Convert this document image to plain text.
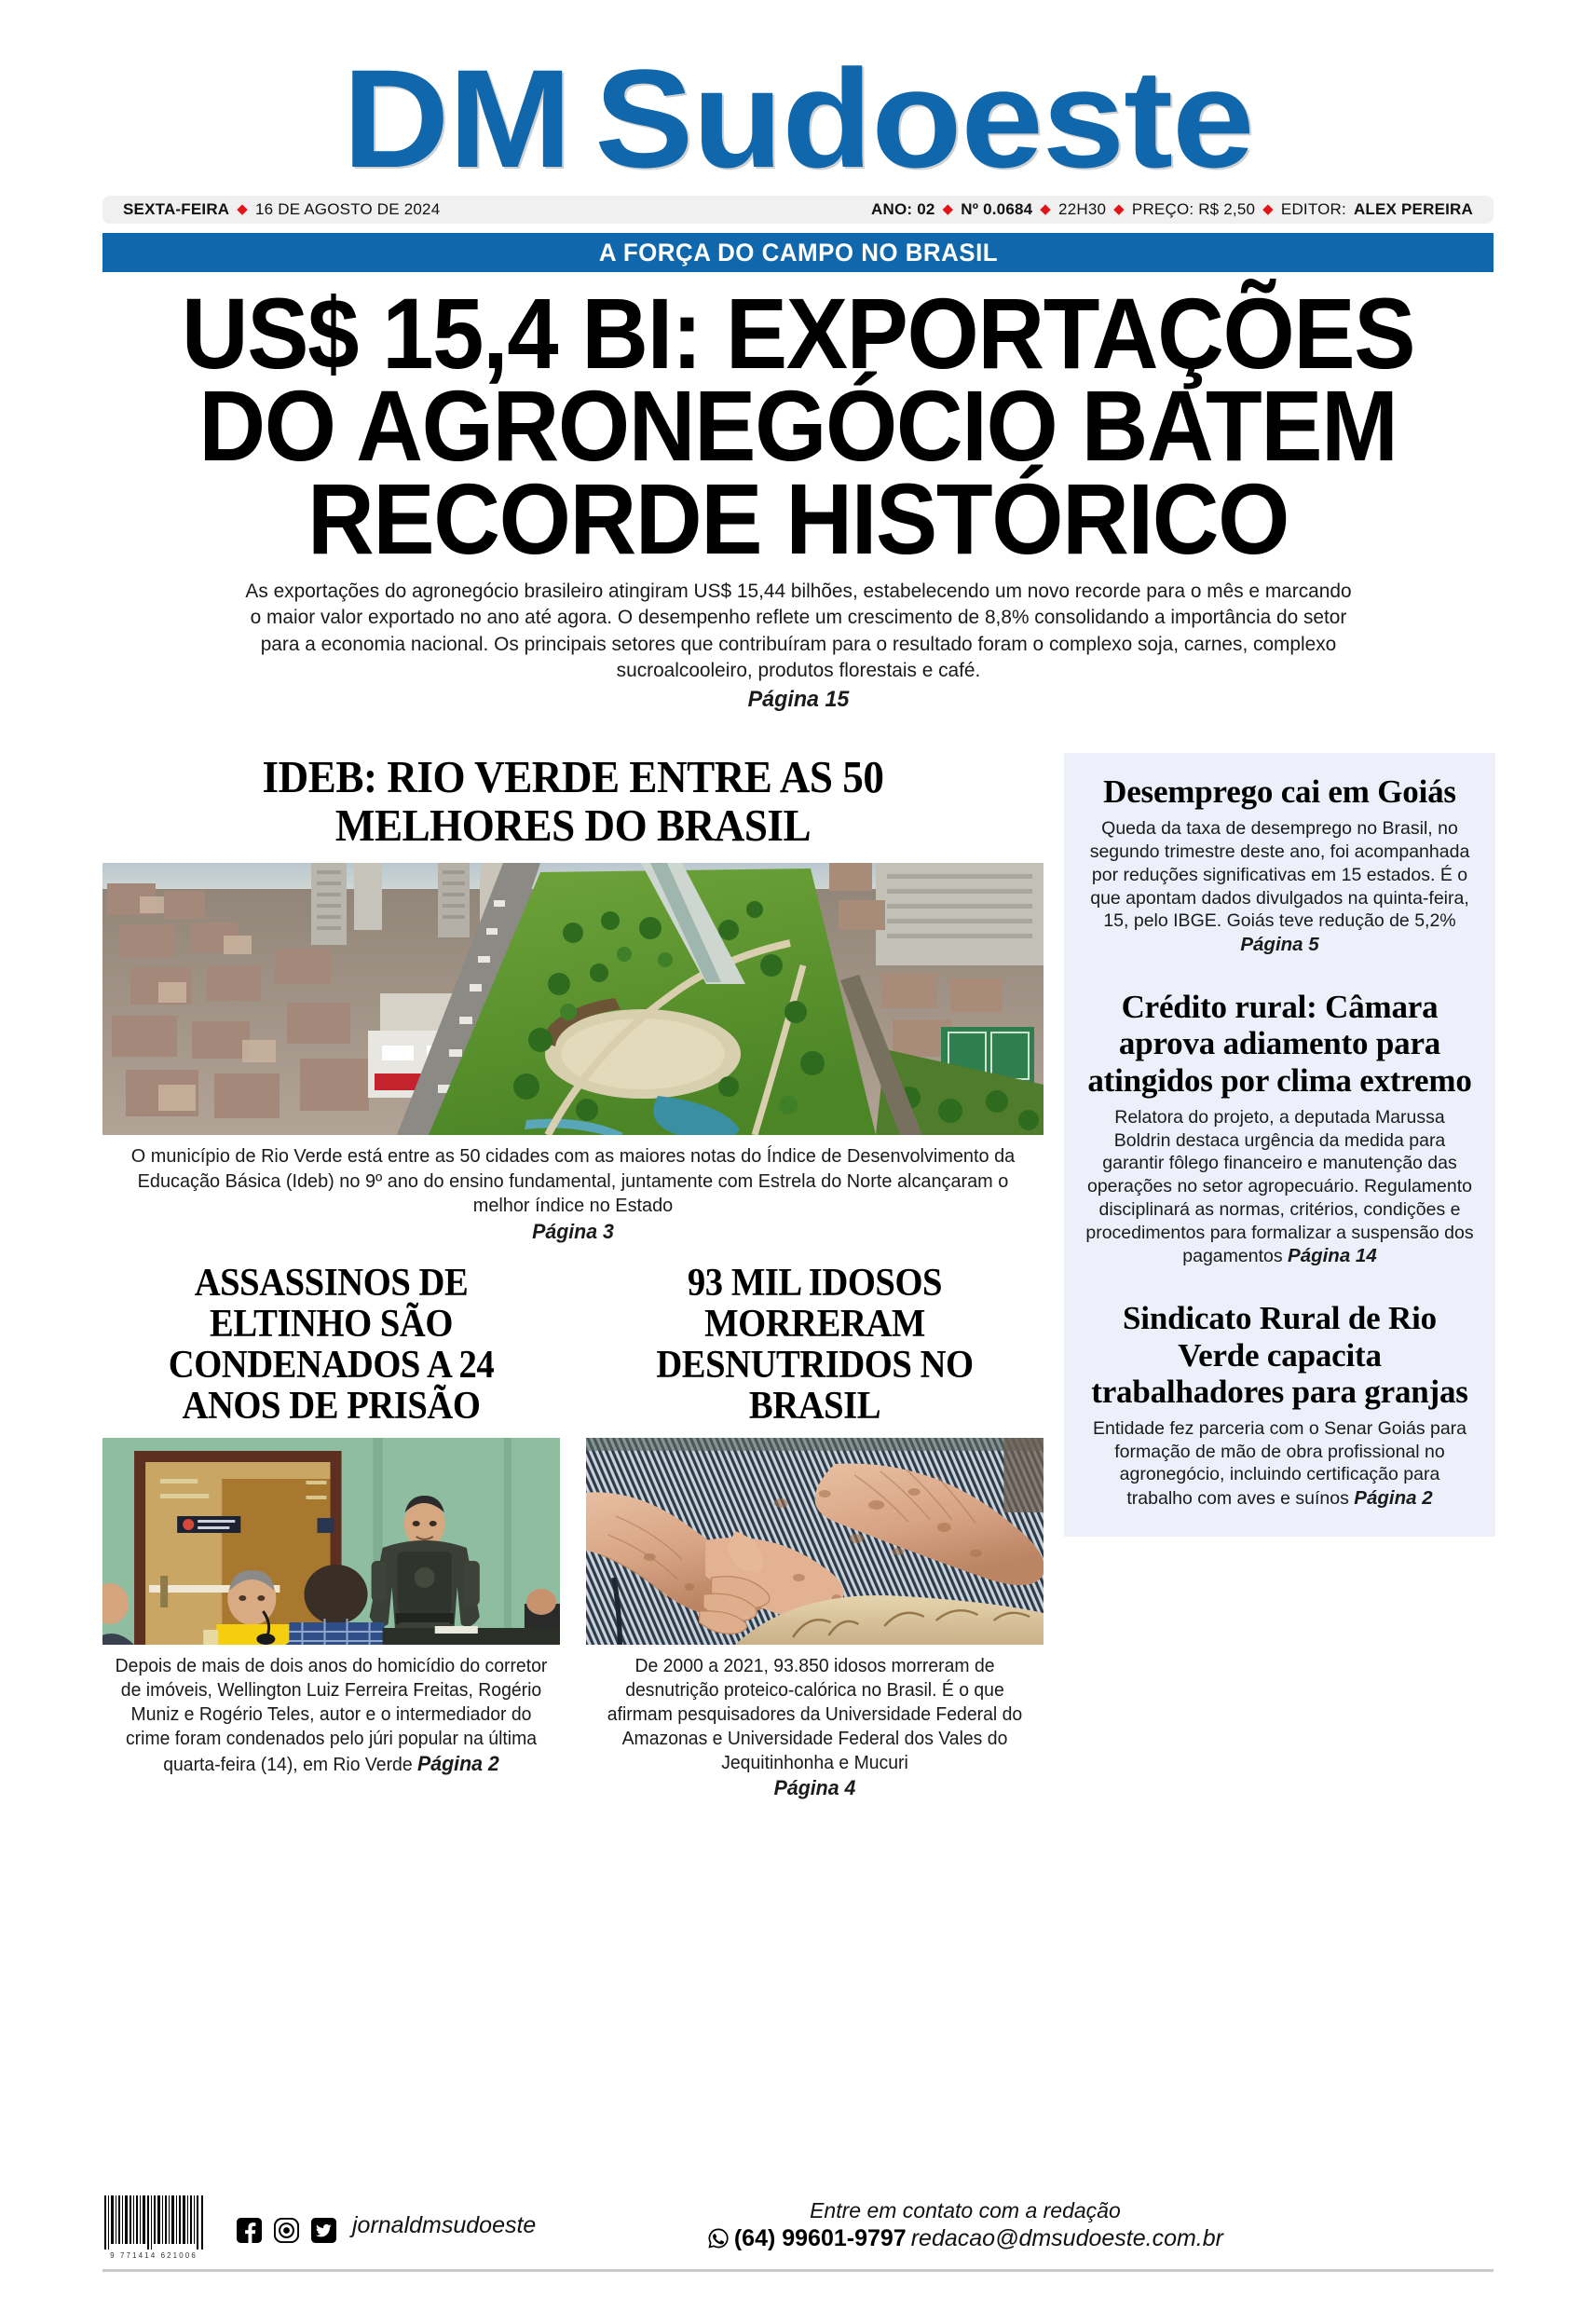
DM Sudoeste
SEXTA-FEIRA ◆ 16 DE AGOSTO DE 2024	ANO: 02 ◆ Nº 0.0684 ◆ 22H30 ◆ PREÇO: R$ 2,50 ◆ EDITOR: ALEX PEREIRA
A FORÇA DO CAMPO NO BRASIL
US$ 15,4 BI: EXPORTAÇÕES
DO AGRONEGÓCIO BATEM
RECORDE HISTÓRICO
As exportações do agronegócio brasileiro atingiram US$ 15,44 bilhões, estabelecendo um novo recorde para o mês e marcando o maior valor exportado no ano até agora. O desempenho reflete um crescimento de 8,8% consolidando a importância do setor para a economia nacional. Os principais setores que contribuíram para o resultado foram o complexo soja, carnes, complexo sucroalcooleiro, produtos florestais e café.
Página 15
IDEB: RIO VERDE ENTRE AS 50 MELHORES DO BRASIL
O município de Rio Verde está entre as 50 cidades com as maiores notas do Índice de Desenvolvimento da Educação Básica (Ideb) no 9º ano do ensino fundamental, juntamente com Estrela do Norte alcançaram o melhor índice no Estado
Página 3
ASSASSINOS DE ELTINHO SÃO CONDENADOS A 24 ANOS DE PRISÃO
Depois de mais de dois anos do homicídio do corretor de imóveis, Wellington Luiz Ferreira Freitas, Rogério Muniz e Rogério Teles, autor e o intermediador do crime foram condenados pelo júri popular na última quarta-feira (14), em Rio Verde Página 2
93 MIL IDOSOS MORRERAM DESNUTRIDOS NO BRASIL
De 2000 a 2021, 93.850 idosos morreram de desnutrição proteico-calórica no Brasil. É o que afirmam pesquisadores da Universidade Federal do Amazonas e Universidade Federal dos Vales do Jequitinhonha e Mucuri
Página 4
Desemprego cai em Goiás
Queda da taxa de desemprego no Brasil, no segundo trimestre deste ano, foi acompanhada por reduções significativas em 15 estados. É o que apontam dados divulgados na quinta-feira, 15, pelo IBGE. Goiás teve redução de 5,2% Página 5
Crédito rural: Câmara aprova adiamento para atingidos por clima extremo
Relatora do projeto, a deputada Marussa Boldrin destaca urgência da medida para garantir fôlego financeiro e manutenção das operações no setor agropecuário. Regulamento disciplinará as normas, critérios, condições e procedimentos para formalizar a suspensão dos pagamentos Página 14
Sindicato Rural de Rio Verde capacita trabalhadores para granjas
Entidade fez parceria com o Senar Goiás para formação de mão de obra profissional no agronegócio, incluindo certificação para trabalho com aves e suínos Página 2
9 771414 621006
jornaldmsudoeste
Entre em contato com a redação
(64) 99601-9797 redacao@dmsudoeste.com.br
